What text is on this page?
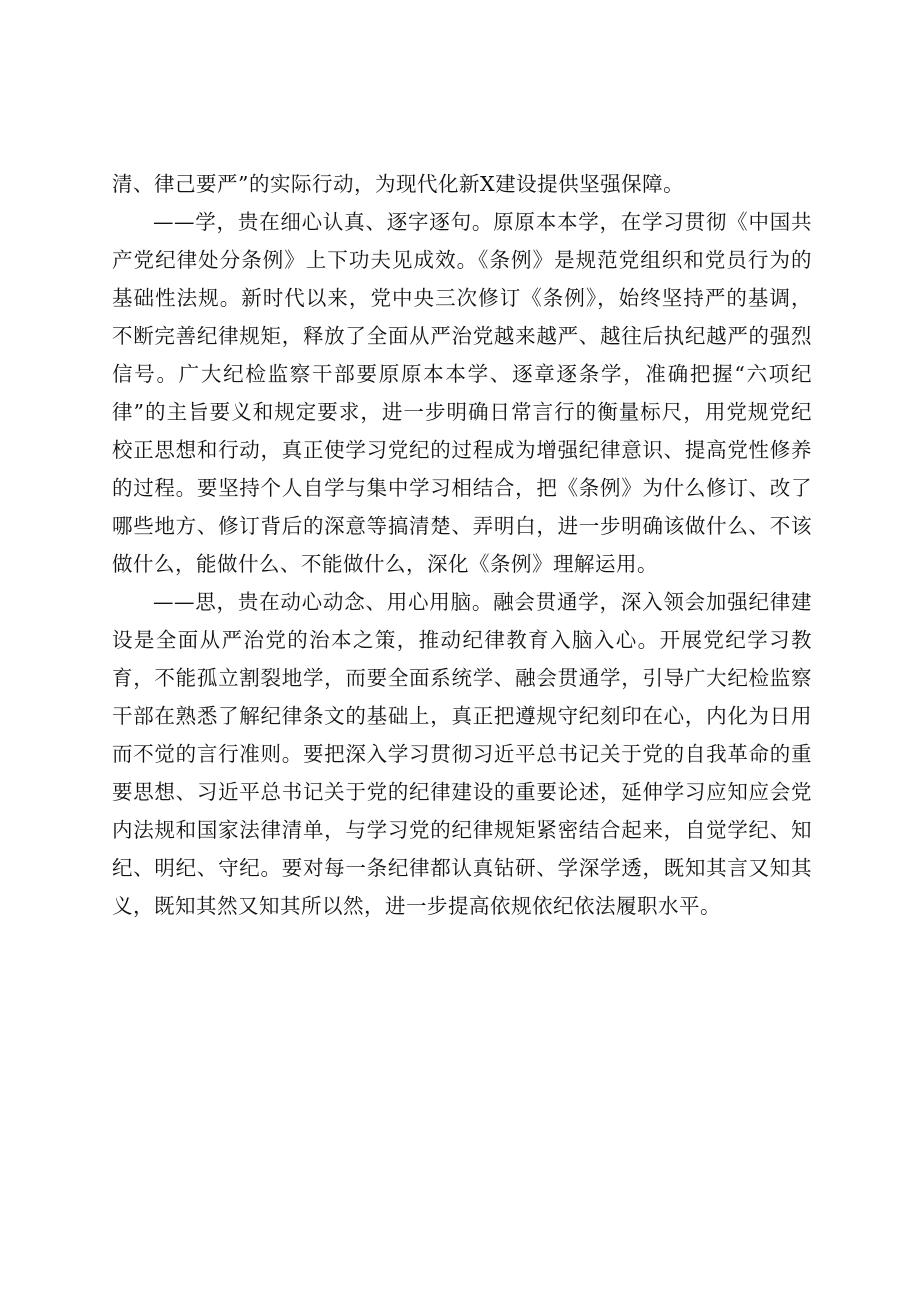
清、律己要严”的实际行动，为现代化新X建设提供坚强保障。

——学，贵在细心认真、逐字逐句。原原本本学，在学习贯彻《中国共产党纪律处分条例》上下功夫见成效。《条例》是规范党组织和党员行为的基础性法规。新时代以来，党中央三次修订《条例》，始终坚持严的基调，不断完善纪律规矩，释放了全面从严治党越来越严、越往后执纪越严的强烈信号。广大纪检监察干部要原原本本学、逐章逐条学，准确把握“六项纪律”的主旨要义和规定要求，进一步明确日常言行的衡量标尺，用党规党纪校正思想和行动，真正使学习党纪的过程成为增强纪律意识、提高党性修养的过程。要坚持个人自学与集中学习相结合，把《条例》为什么修订、改了哪些地方、修订背后的深意等搞清楚、弄明白，进一步明确该做什么、不该做什么，能做什么、不能做什么，深化《条例》理解运用。

——思，贵在动心动念、用心用脑。融会贯通学，深入领会加强纪律建设是全面从严治党的治本之策，推动纪律教育入脑入心。开展党纪学习教育，不能孤立割裂地学，而要全面系统学、融会贯通学，引导广大纪检监察干部在熟悉了解纪律条文的基础上，真正把遵规守纪刻印在心，内化为日用而不觉的言行准则。要把深入学习贯彻习近平总书记关于党的自我革命的重要思想、习近平总书记关于党的纪律建设的重要论述，延伸学习应知应会党内法规和国家法律清单，与学习党的纪律规矩紧密结合起来，自觉学纪、知纪、明纪、守纪。要对每一条纪律都认真钻研、学深学透，既知其言又知其义，既知其然又知其所以然，进一步提高依规依纪依法履职水平。
